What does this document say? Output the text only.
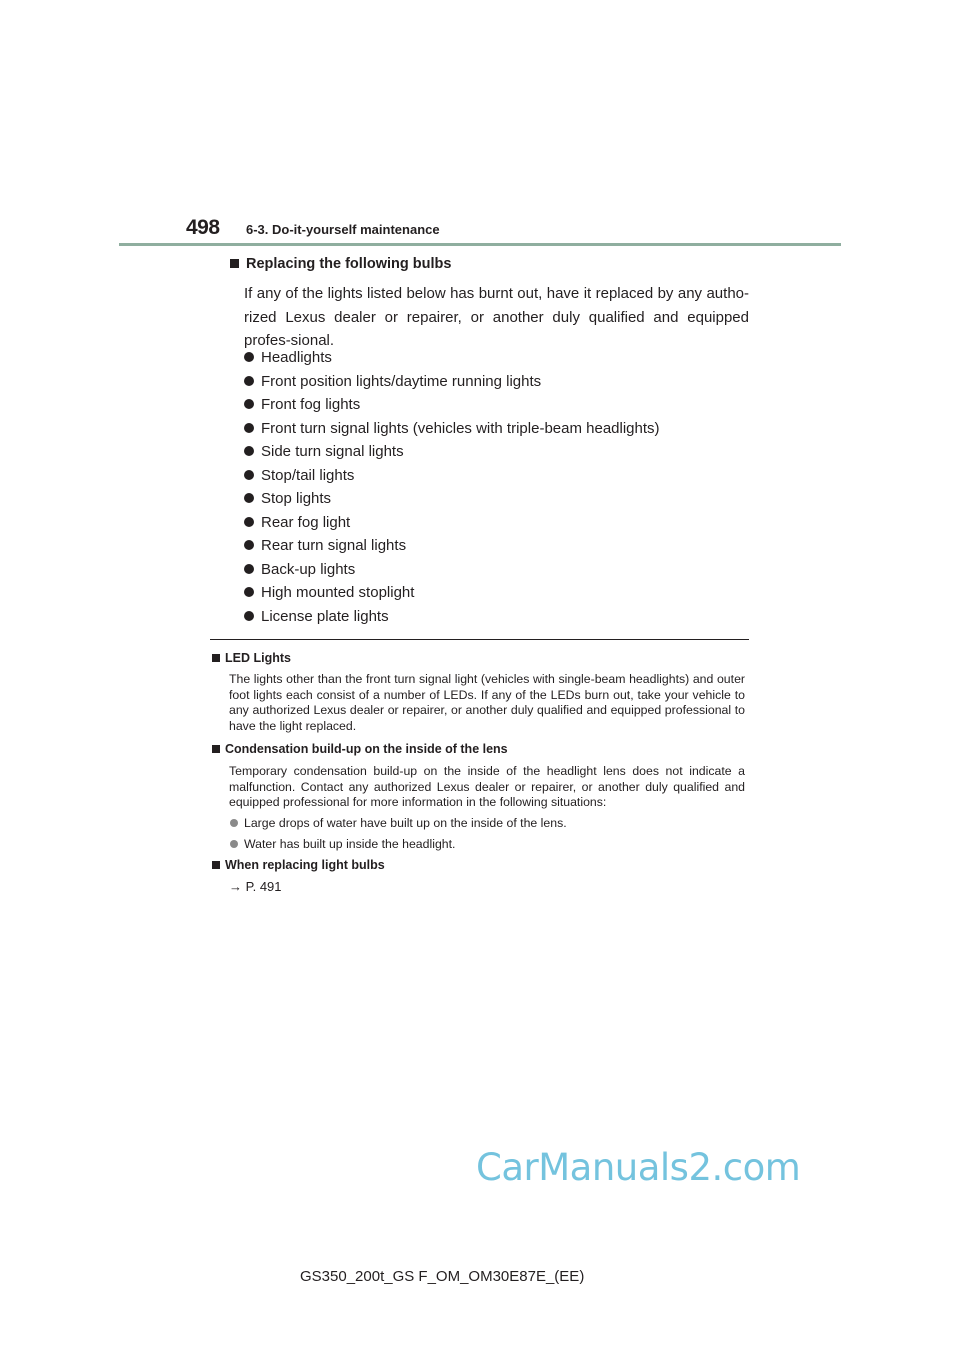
498 6-3. Do-it-yourself maintenance
Replacing the following bulbs
If any of the lights listed below has burnt out, have it replaced by any autho-rized Lexus dealer or repairer, or another duly qualified and equipped profes-sional.
Headlights
Front position lights/daytime running lights
Front fog lights
Front turn signal lights (vehicles with triple-beam headlights)
Side turn signal lights
Stop/tail lights
Stop lights
Rear fog light
Rear turn signal lights
Back-up lights
High mounted stoplight
License plate lights
LED Lights
The lights other than the front turn signal light (vehicles with single-beam headlights) and outer foot lights each consist of a number of LEDs. If any of the LEDs burn out, take your vehicle to any authorized Lexus dealer or repairer, or another duly qualified and equipped professional to have the light replaced.
Condensation build-up on the inside of the lens
Temporary condensation build-up on the inside of the headlight lens does not indicate a malfunction. Contact any authorized Lexus dealer or repairer, or another duly qualified and equipped professional for more information in the following situations:
Large drops of water have built up on the inside of the lens.
Water has built up inside the headlight.
When replacing light bulbs
→ P. 491
CarManuals2.com
GS350_200t_GS F_OM_OM30E87E_(EE)
